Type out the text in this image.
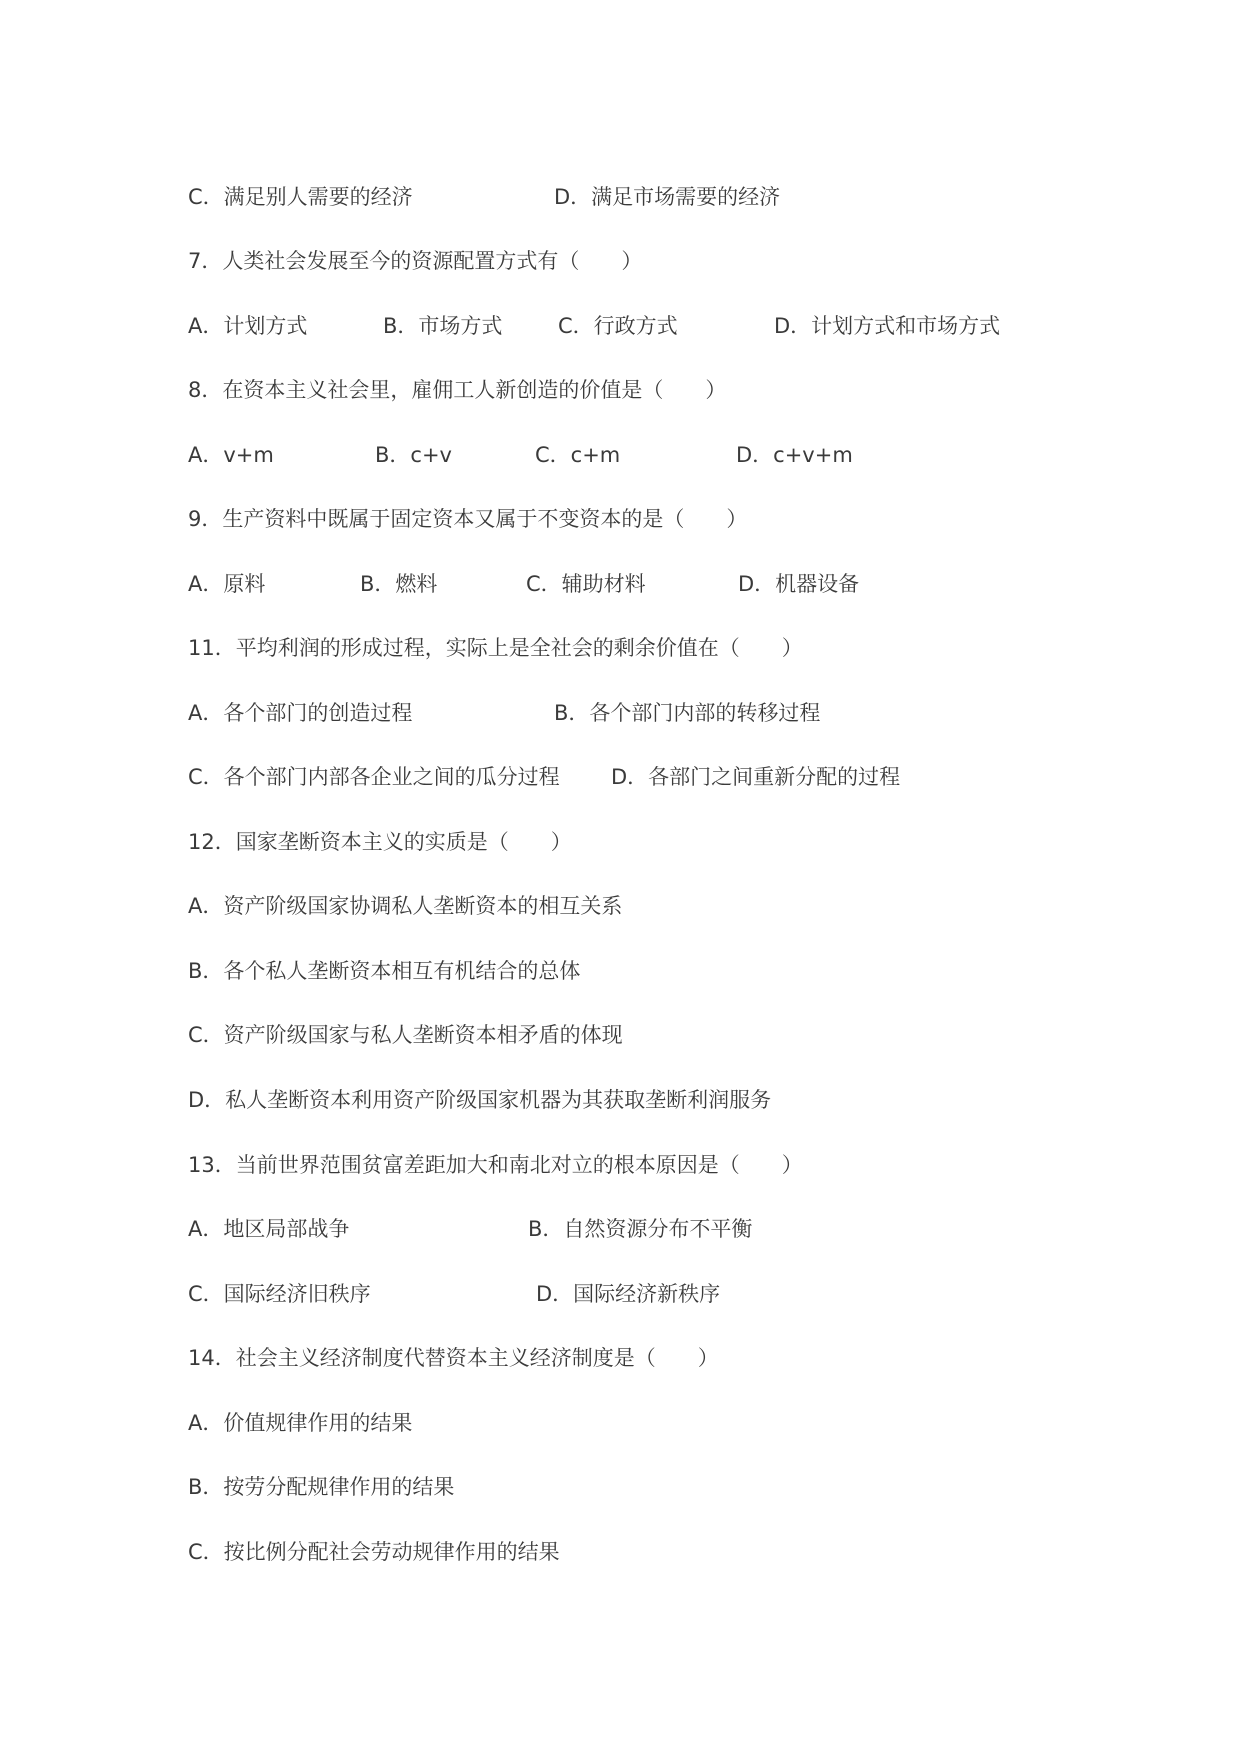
C．满足别人需要的经济	D．满足市场需要的经济
7．人类社会发展至今的资源配置方式有（　　）
A．计划方式	B．市场方式	C．行政方式	D．计划方式和市场方式
8．在资本主义社会里，雇佣工人新创造的价值是（　　）
A．v+m	B．c+v	C．c+m	D．c+v+m
9．生产资料中既属于固定资本又属于不变资本的是（　　）
A．原料	B．燃料	C．辅助材料	D．机器设备
11．平均利润的形成过程，实际上是全社会的剩余价值在（　　）
A．各个部门的创造过程	B．各个部门内部的转移过程
C．各个部门内部各企业之间的瓜分过程 D．各部门之间重新分配的过程
12．国家垄断资本主义的实质是（　　）
A．资产阶级国家协调私人垄断资本的相互关系
B．各个私人垄断资本相互有机结合的总体
C．资产阶级国家与私人垄断资本相矛盾的体现
D．私人垄断资本利用资产阶级国家机器为其获取垄断利润服务
13．当前世界范围贫富差距加大和南北对立的根本原因是（　　）
A．地区局部战争	B．自然资源分布不平衡
C．国际经济旧秩序	D．国际经济新秩序
14．社会主义经济制度代替资本主义经济制度是（　　）
A．价值规律作用的结果
B．按劳分配规律作用的结果
C．按比例分配社会劳动规律作用的结果
